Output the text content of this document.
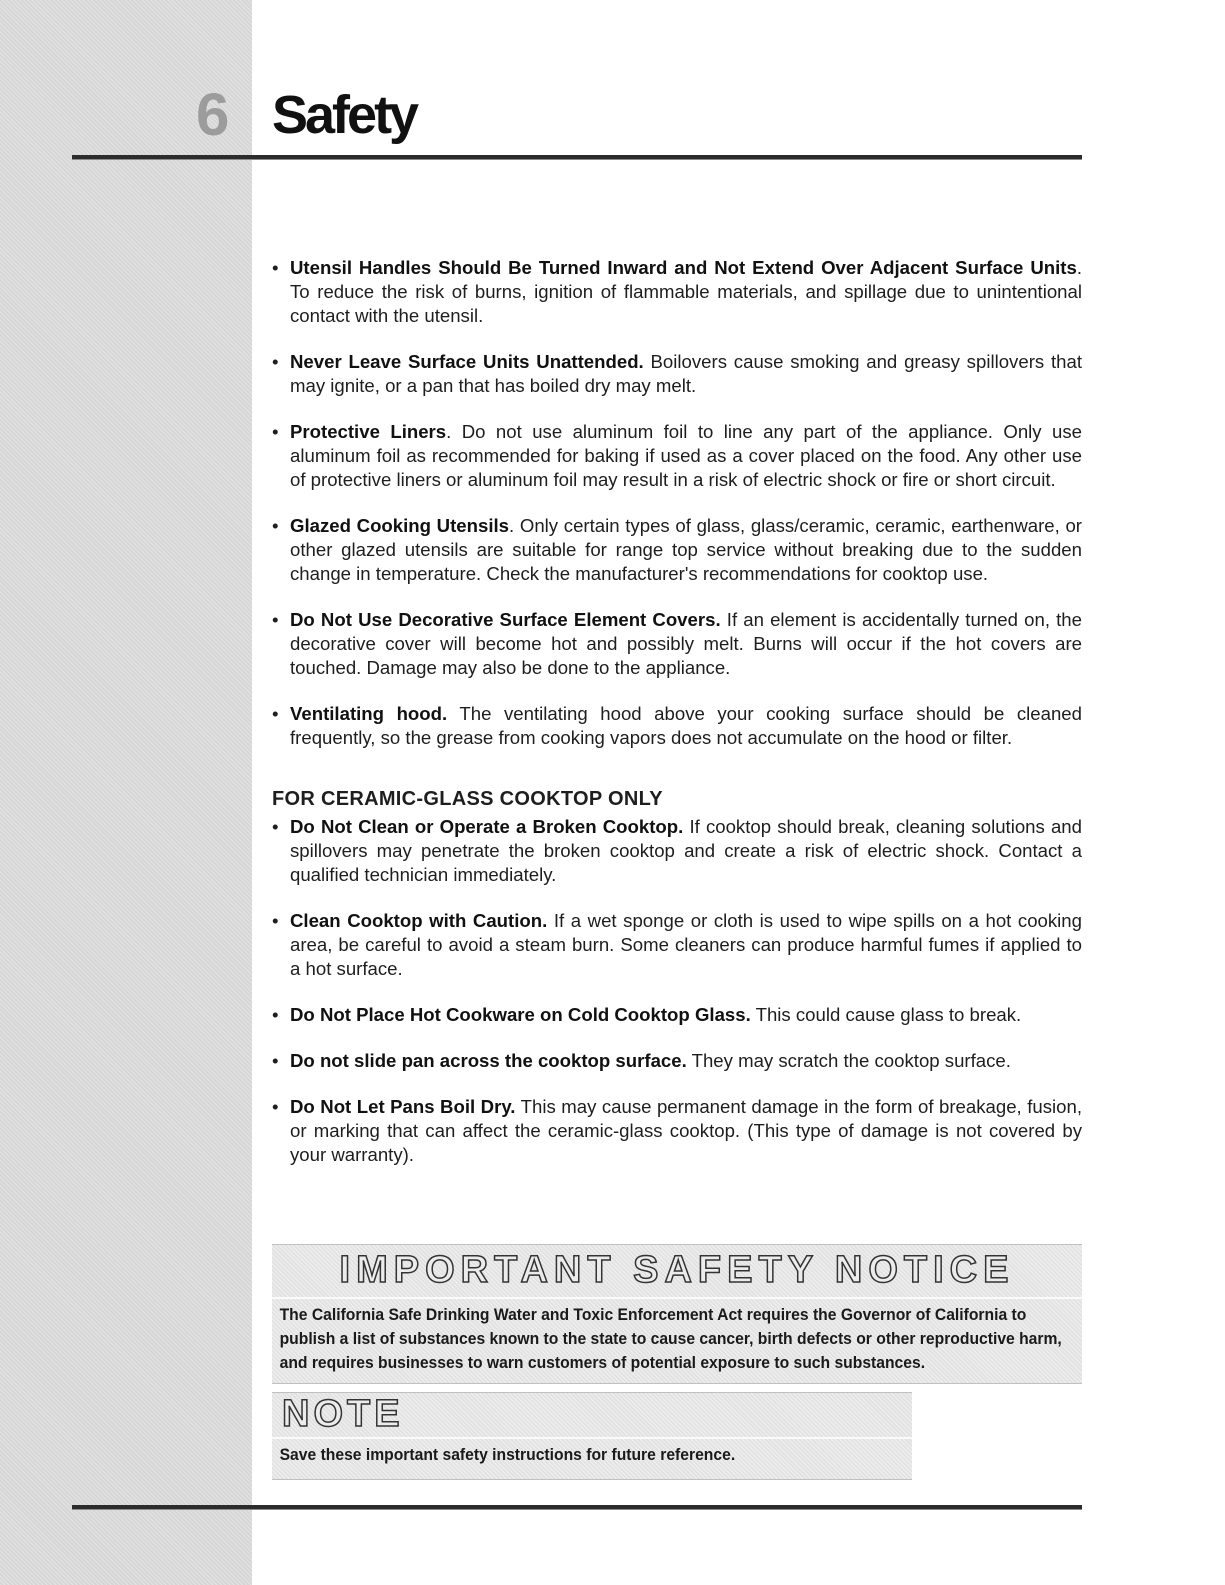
6 Safety

• Utensil Handles Should Be Turned Inward and Not Extend Over Adjacent Surface Units. To reduce the risk of burns, ignition of flammable materials, and spillage due to unintentional contact with the utensil.

• Never Leave Surface Units Unattended. Boilovers cause smoking and greasy spillovers that may ignite, or a pan that has boiled dry may melt.

• Protective Liners. Do not use aluminum foil to line any part of the appliance. Only use aluminum foil as recommended for baking if used as a cover placed on the food. Any other use of protective liners or aluminum foil may result in a risk of electric shock or fire or short circuit.

• Glazed Cooking Utensils. Only certain types of glass, glass/ceramic, ceramic, earthenware, or other glazed utensils are suitable for range top service without breaking due to the sudden change in temperature. Check the manufacturer's recommendations for cooktop use.

• Do Not Use Decorative Surface Element Covers. If an element is accidentally turned on, the decorative cover will become hot and possibly melt. Burns will occur if the hot covers are touched. Damage may also be done to the appliance.

• Ventilating hood. The ventilating hood above your cooking surface should be cleaned frequently, so the grease from cooking vapors does not accumulate on the hood or filter.

FOR CERAMIC-GLASS COOKTOP ONLY

• Do Not Clean or Operate a Broken Cooktop. If cooktop should break, cleaning solutions and spillovers may penetrate the broken cooktop and create a risk of electric shock. Contact a qualified technician immediately.

• Clean Cooktop with Caution. If a wet sponge or cloth is used to wipe spills on a hot cooking area, be careful to avoid a steam burn. Some cleaners can produce harmful fumes if applied to a hot surface.

• Do Not Place Hot Cookware on Cold Cooktop Glass. This could cause glass to break.

• Do not slide pan across the cooktop surface. They may scratch the cooktop surface.

• Do Not Let Pans Boil Dry. This may cause permanent damage in the form of breakage, fusion, or marking that can affect the ceramic-glass cooktop. (This type of damage is not covered by your warranty).

IMPORTANT SAFETY NOTICE
The California Safe Drinking Water and Toxic Enforcement Act requires the Governor of California to publish a list of substances known to the state to cause cancer, birth defects or other reproductive harm, and requires businesses to warn customers of potential exposure to such substances.
NOTE
Save these important safety instructions for future reference.
